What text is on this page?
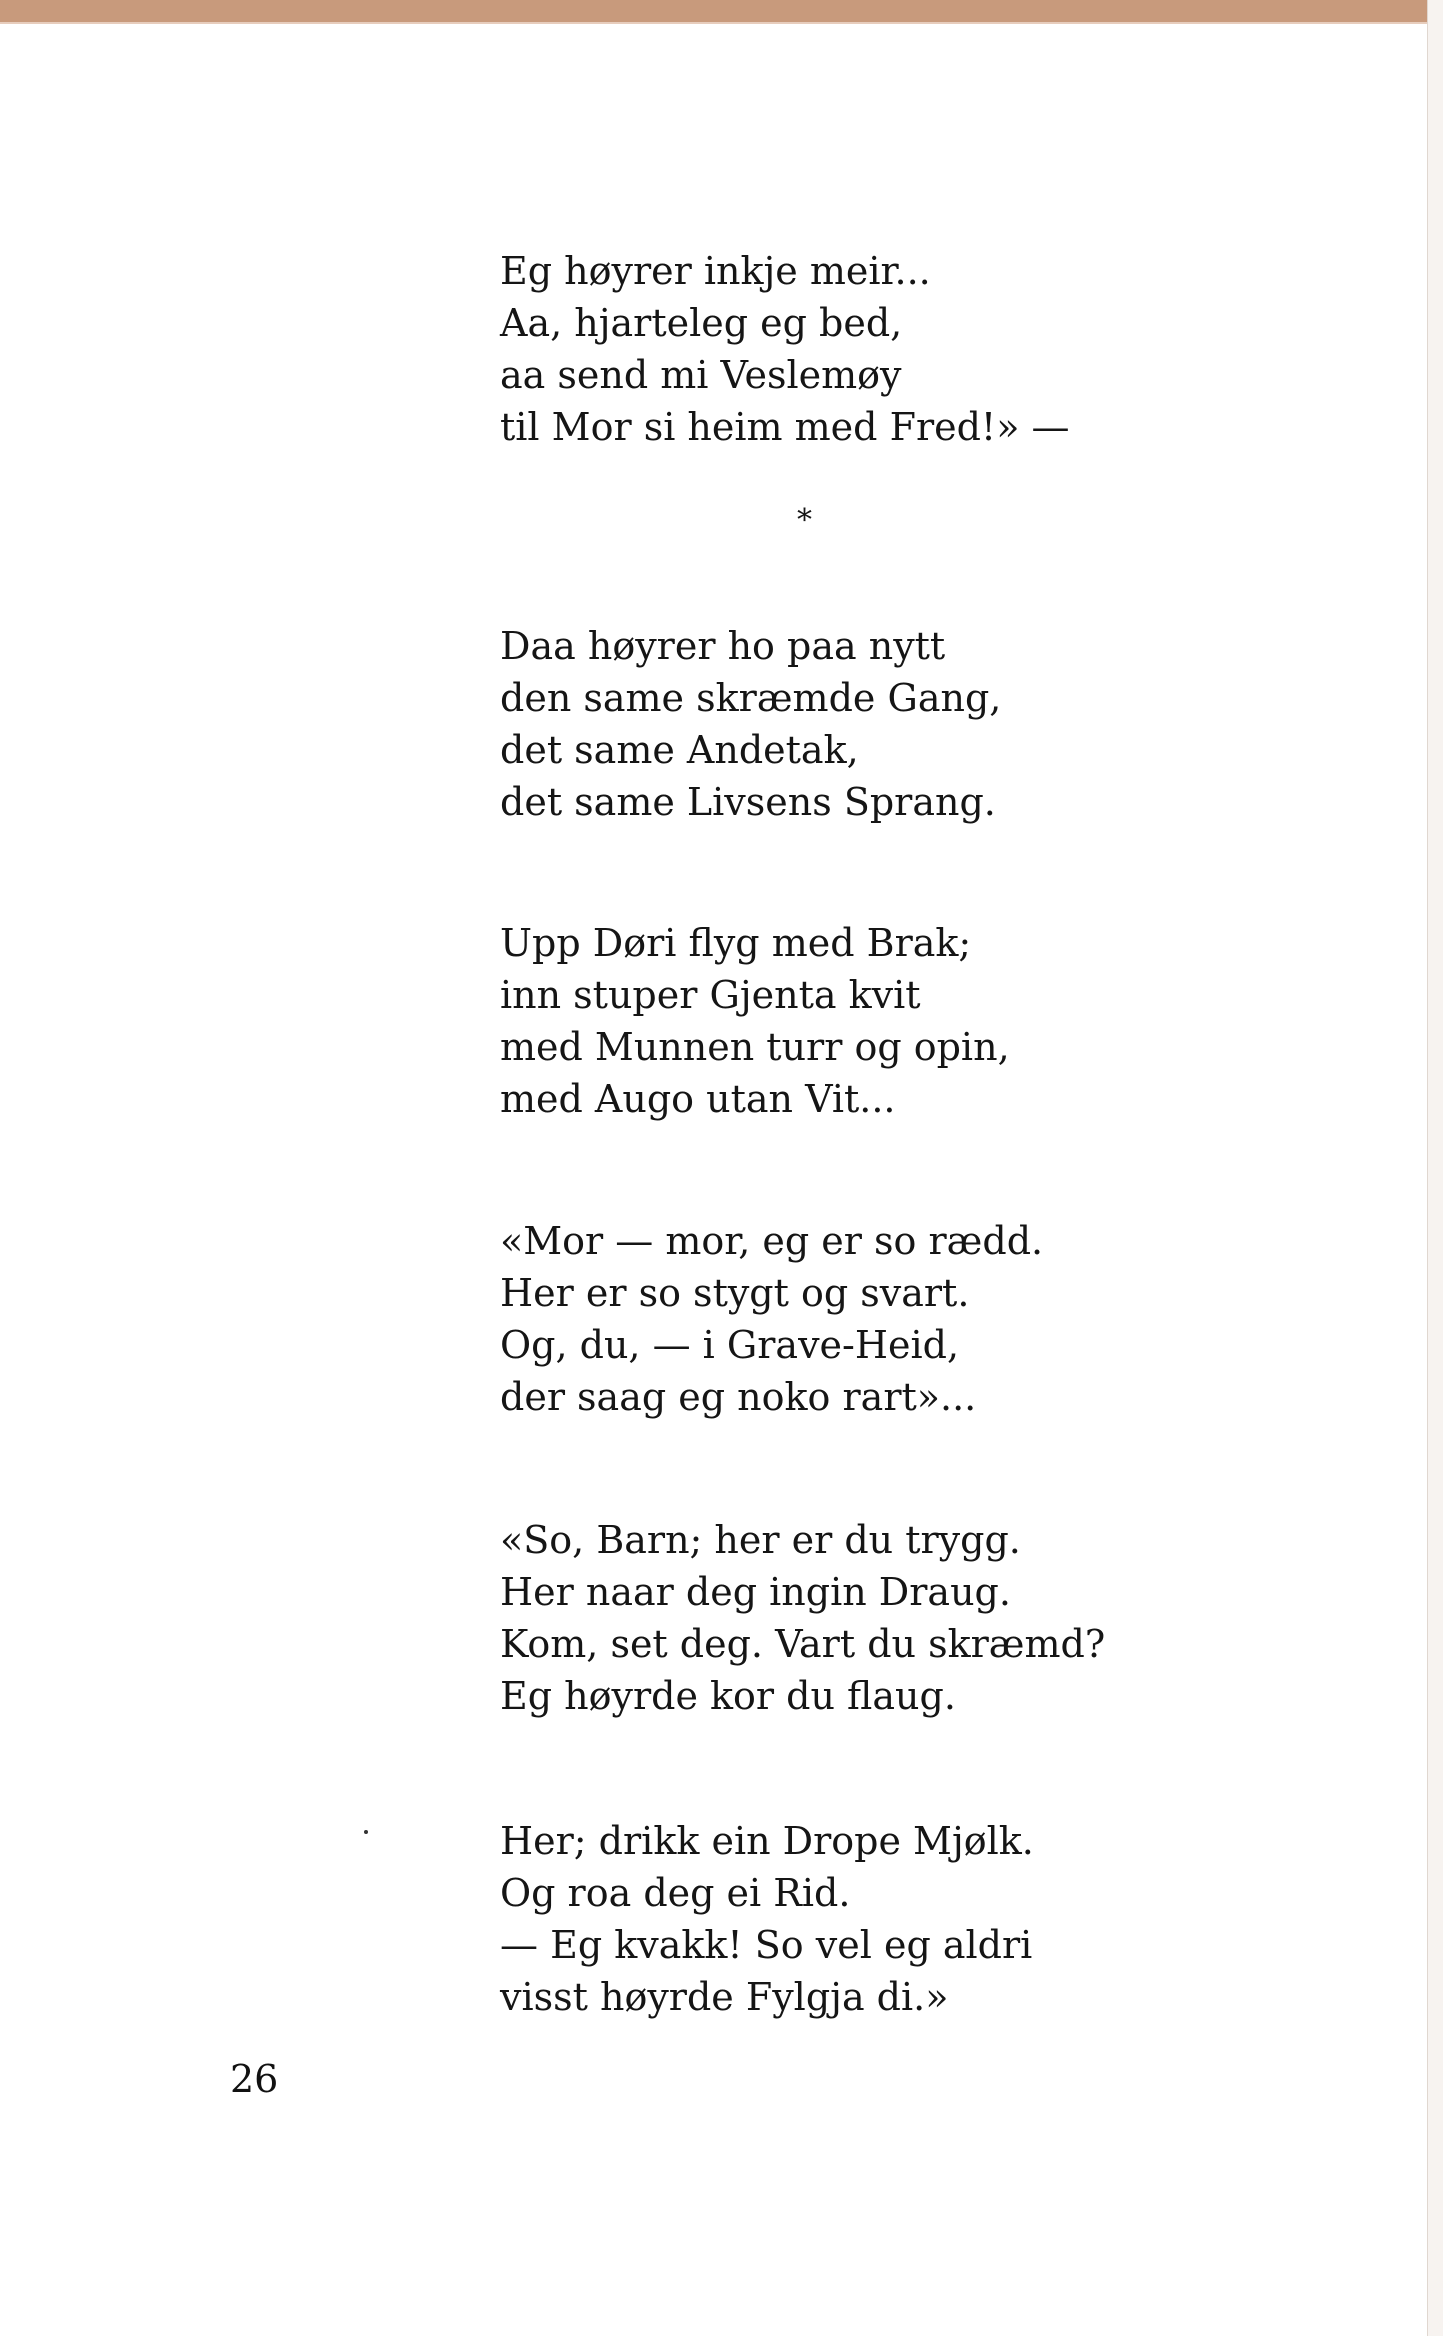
Eg høyrer inkje meir...
Aa, hjarteleg eg bed,
aa send mi Veslemøy
til Mor si heim med Fred!» —
*
Daa høyrer ho paa nytt
den same skræmde Gang,
det same Andetak,
det same Livsens Sprang.
Upp Døri flyg med Brak;
inn stuper Gjenta kvit
med Munnen turr og opin,
med Augo utan Vit...
«Mor — mor, eg er so rædd.
Her er so stygt og svart.
Og, du, — i Grave-Heid,
der saag eg noko rart»...
«So, Barn; her er du trygg.
Her naar deg ingin Draug.
Kom, set deg. Vart du skræmd?
Eg høyrde kor du flaug.
Her; drikk ein Drope Mjølk.
Og roa deg ei Rid.
— Eg kvakk! So vel eg aldri
visst høyrde Fylgja di.»
26
